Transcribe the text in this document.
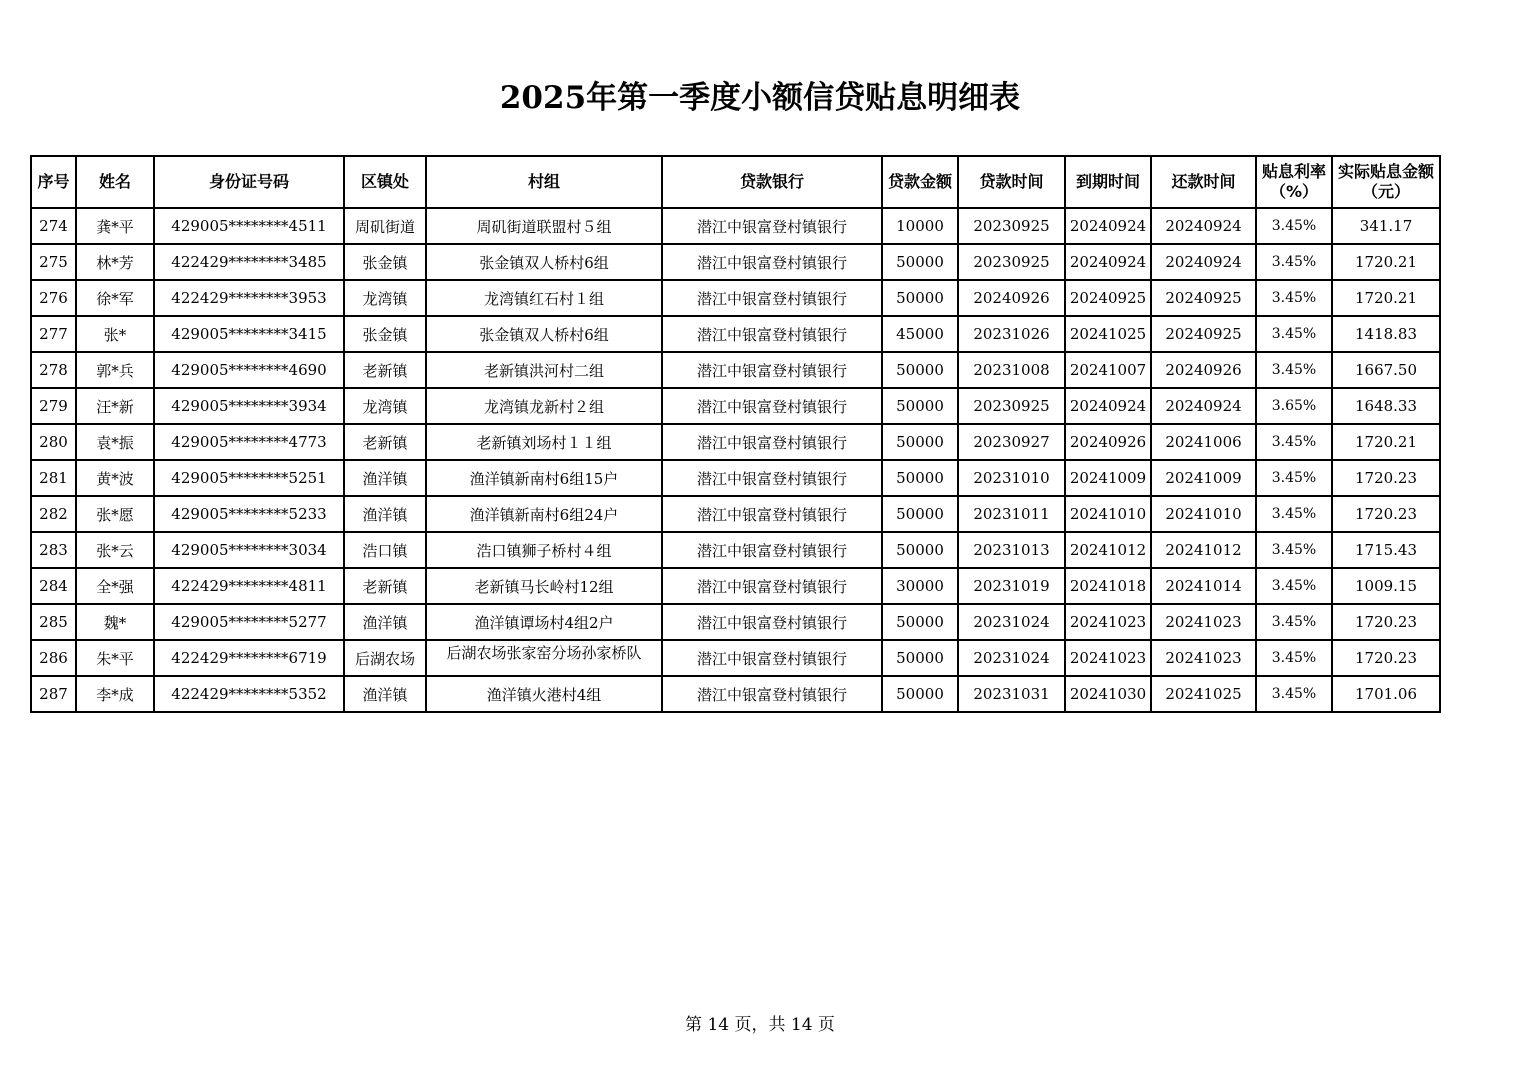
2025年第一季度小额信贷贴息明细表
序号	姓名	身份证号码	区镇处	村组	贷款银行	贷款金额	贷款时间	到期时间	还款时间	贴息利率（%）	实际贴息金额（元）
274	龚*平	429005********4511	周矶街道	周矶街道联盟村５组	潜江中银富登村镇银行	10000	20230925	20240924	20240924	3.45%	341.17
275	林*芳	422429********3485	张金镇	张金镇双人桥村6组	潜江中银富登村镇银行	50000	20230925	20240924	20240924	3.45%	1720.21
276	徐*军	422429********3953	龙湾镇	龙湾镇红石村１组	潜江中银富登村镇银行	50000	20240926	20240925	20240925	3.45%	1720.21
277	张*	429005********3415	张金镇	张金镇双人桥村6组	潜江中银富登村镇银行	45000	20231026	20241025	20240925	3.45%	1418.83
278	郭*兵	429005********4690	老新镇	老新镇洪河村二组	潜江中银富登村镇银行	50000	20231008	20241007	20240926	3.45%	1667.50
279	汪*新	429005********3934	龙湾镇	龙湾镇龙新村２组	潜江中银富登村镇银行	50000	20230925	20240924	20240924	3.65%	1648.33
280	袁*振	429005********4773	老新镇	老新镇刘场村１１组	潜江中银富登村镇银行	50000	20230927	20240926	20241006	3.45%	1720.21
281	黄*波	429005********5251	渔洋镇	渔洋镇新南村6组15户	潜江中银富登村镇银行	50000	20231010	20241009	20241009	3.45%	1720.23
282	张*愿	429005********5233	渔洋镇	渔洋镇新南村6组24户	潜江中银富登村镇银行	50000	20231011	20241010	20241010	3.45%	1720.23
283	张*云	429005********3034	浩口镇	浩口镇狮子桥村４组	潜江中银富登村镇银行	50000	20231013	20241012	20241012	3.45%	1715.43
284	全*强	422429********4811	老新镇	老新镇马长岭村12组	潜江中银富登村镇银行	30000	20231019	20241018	20241014	3.45%	1009.15
285	魏*	429005********5277	渔洋镇	渔洋镇谭场村4组2户	潜江中银富登村镇银行	50000	20231024	20241023	20241023	3.45%	1720.23
286	朱*平	422429********6719	后湖农场	后湖农场张家窑分场孙家桥队	潜江中银富登村镇银行	50000	20231024	20241023	20241023	3.45%	1720.23
287	李*成	422429********5352	渔洋镇	渔洋镇火港村4组	潜江中银富登村镇银行	50000	20231031	20241030	20241025	3.45%	1701.06
第 14 页，共 14 页
